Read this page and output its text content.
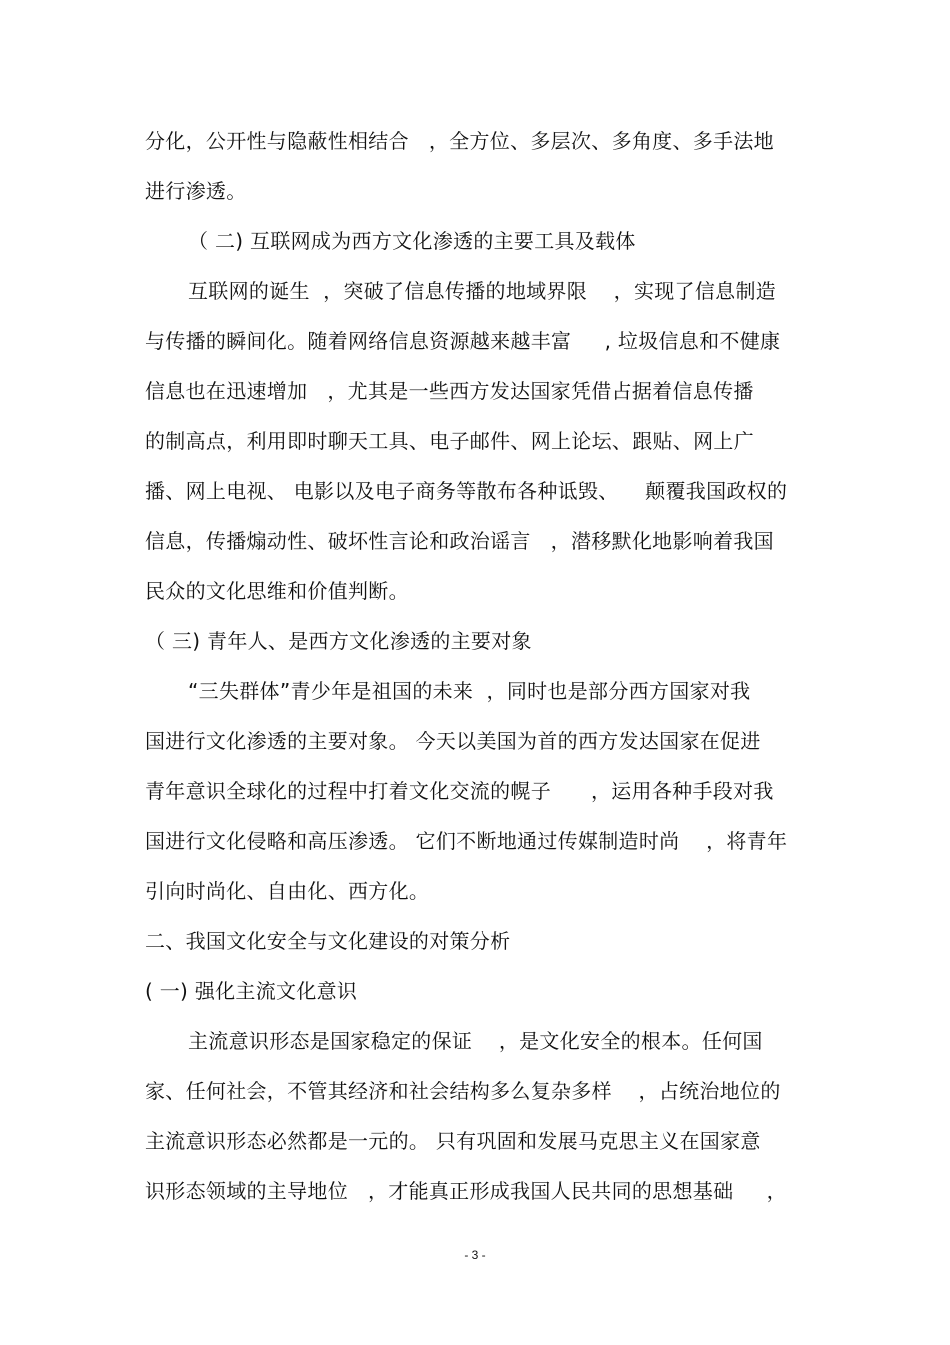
分化，公开性与隐蔽性相结合   ，全方位、多层次、多角度、多手法地
进行渗透。
（ 二) 互联网成为西方文化渗透的主要工具及载体
互联网的诞生  ，突破了信息传播的地域界限    ，实现了信息制造
与传播的瞬间化。随着网络信息资源越来越丰富     , 垃圾信息和不健康
信息也在迅速增加   ，尤其是一些西方发达国家凭借占据着信息传播
的制高点，利用即时聊天工具、电子邮件、网上论坛、跟贴、网上广
播、网上电视、 电影以及电子商务等散布各种诋毁、    颠覆我国政权的
信息，传播煽动性、破坏性言论和政治谣言   ，潜移默化地影响着我国
民众的文化思维和价值判断。
（ 三) 青年人、是西方文化渗透的主要对象
“三失群体”青少年是祖国的未来  ，同时也是部分西方国家对我
国进行文化渗透的主要对象。 今天以美国为首的西方发达国家在促进
青年意识全球化的过程中打着文化交流的幌子      ，运用各种手段对我
国进行文化侵略和高压渗透。 它们不断地通过传媒制造时尚    ，将青年
引向时尚化、自由化、西方化。
二、我国文化安全与文化建设的对策分析
( 一) 强化主流文化意识
主流意识形态是国家稳定的保证    ，是文化安全的根本。任何国
家、任何社会，不管其经济和社会结构多么复杂多样    ，占统治地位的
主流意识形态必然都是一元的。 只有巩固和发展马克思主义在国家意
识形态领域的主导地位   ，才能真正形成我国人民共同的思想基础     ，
- 3 -
